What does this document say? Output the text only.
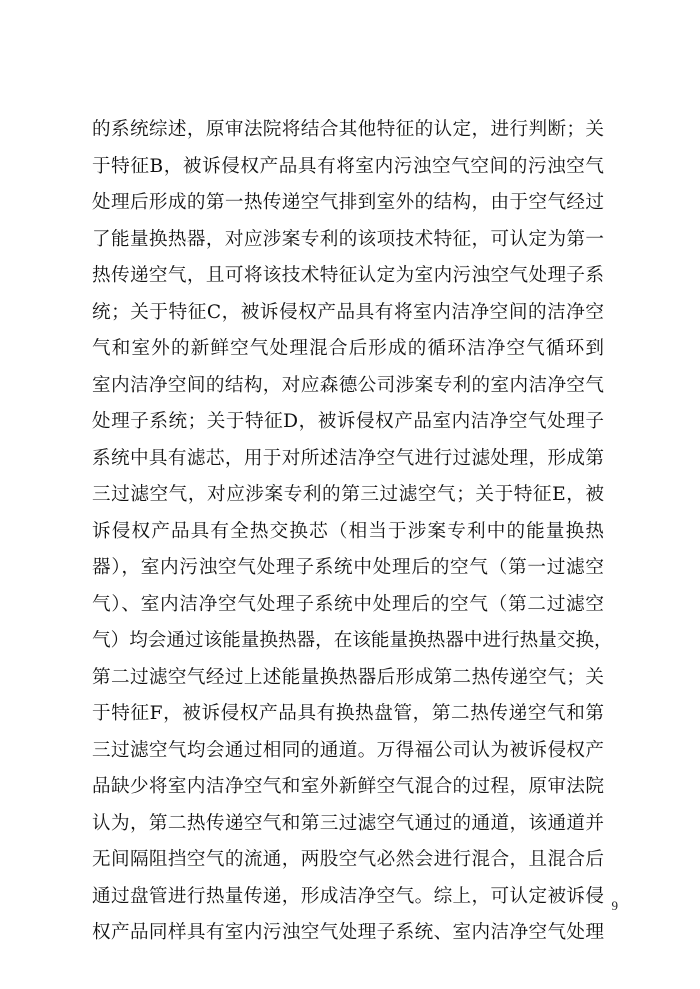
的系统综述，原审法院将结合其他特征的认定，进行判断；关
于特征B，被诉侵权产品具有将室内污浊空气空间的污浊空气
处理后形成的第一热传递空气排到室外的结构，由于空气经过
了能量换热器，对应涉案专利的该项技术特征，可认定为第一
热传递空气，且可将该技术特征认定为室内污浊空气处理子系
统；关于特征C，被诉侵权产品具有将室内洁净空间的洁净空
气和室外的新鲜空气处理混合后形成的循环洁净空气循环到
室内洁净空间的结构，对应森德公司涉案专利的室内洁净空气
处理子系统；关于特征D，被诉侵权产品室内洁净空气处理子
系统中具有滤芯，用于对所述洁净空气进行过滤处理，形成第
三过滤空气，对应涉案专利的第三过滤空气；关于特征E，被
诉侵权产品具有全热交换芯（相当于涉案专利中的能量换热
器），室内污浊空气处理子系统中处理后的空气（第一过滤空
气）、室内洁净空气处理子系统中处理后的空气（第二过滤空
气）均会通过该能量换热器，在该能量换热器中进行热量交换，
第二过滤空气经过上述能量换热器后形成第二热传递空气；关
于特征F，被诉侵权产品具有换热盘管，第二热传递空气和第
三过滤空气均会通过相同的通道。万得福公司认为被诉侵权产
品缺少将室内洁净空气和室外新鲜空气混合的过程，原审法院
认为，第二热传递空气和第三过滤空气通过的通道，该通道并
无间隔阻挡空气的流通，两股空气必然会进行混合，且混合后
通过盘管进行热量传递，形成洁净空气。综上，可认定被诉侵
权产品同样具有室内污浊空气处理子系统、室内洁净空气处理
9
